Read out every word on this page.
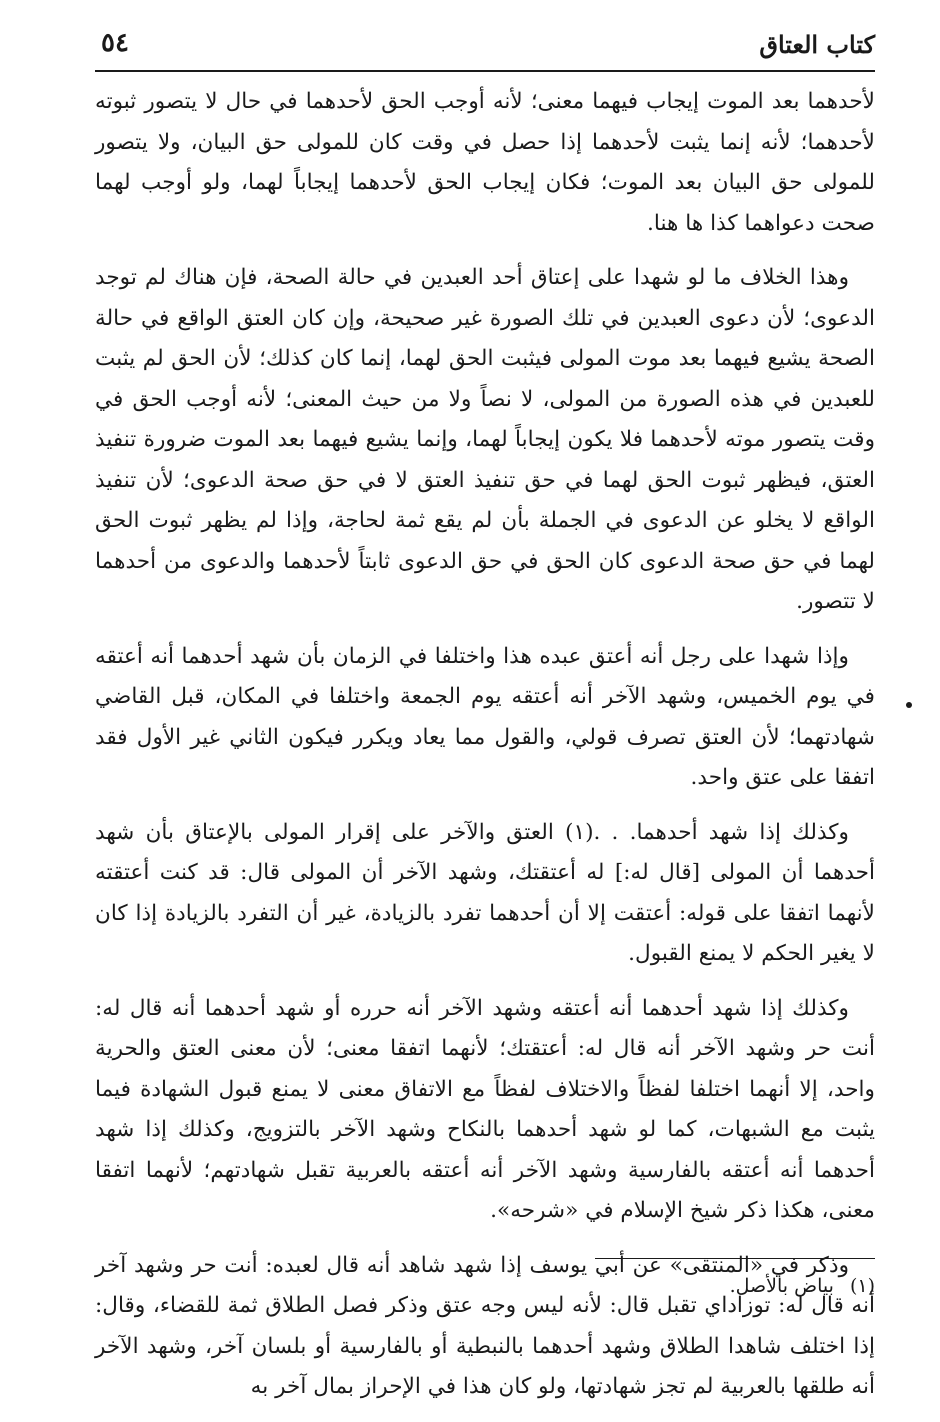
كتاب العتاق
٥٤

لأحدهما بعد الموت إيجاب فيهما معنى؛ لأنه أوجب الحق لأحدهما في حال لا يتصور ثبوته لأحدهما؛ لأنه إنما يثبت لأحدهما إذا حصل في وقت كان للمولى حق البيان، ولا يتصور للمولى حق البيان بعد الموت؛ فكان إيجاب الحق لأحدهما إيجاباً لهما، ولو أوجب لهما صحت دعواهما كذا ها هنا.

وهذا الخلاف ما لو شهدا على إعتاق أحد العبدين في حالة الصحة، فإن هناك لم توجد الدعوى؛ لأن دعوى العبدين في تلك الصورة غير صحيحة، وإن كان العتق الواقع في حالة الصحة يشيع فيهما بعد موت المولى فيثبت الحق لهما، إنما كان كذلك؛ لأن الحق لم يثبت للعبدين في هذه الصورة من المولى، لا نصاً ولا من حيث المعنى؛ لأنه أوجب الحق في وقت يتصور موته لأحدهما فلا يكون إيجاباً لهما، وإنما يشيع فيهما بعد الموت ضرورة تنفيذ العتق، فيظهر ثبوت الحق لهما في حق تنفيذ العتق لا في حق صحة الدعوى؛ لأن تنفيذ الواقع لا يخلو عن الدعوى في الجملة بأن لم يقع ثمة لحاجة، وإذا لم يظهر ثبوت الحق لهما في حق صحة الدعوى كان الحق في حق الدعوى ثابتاً لأحدهما والدعوى من أحدهما لا تتصور.

وإذا شهدا على رجل أنه أعتق عبده هذا واختلفا في الزمان بأن شهد أحدهما أنه أعتقه في يوم الخميس، وشهد الآخر أنه أعتقه يوم الجمعة واختلفا في المكان، قبل القاضي شهادتهما؛ لأن العتق تصرف قولي، والقول مما يعاد ويكرر فيكون الثاني غير الأول فقد اتفقا على عتق واحد.

وكذلك إذا شهد أحدهما. . .(١) العتق والآخر على إقرار المولى بالإعتاق بأن شهد أحدهما أن المولى [قال له:] له أعتقتك، وشهد الآخر أن المولى قال: قد كنت أعتقته لأنهما اتفقا على قوله: أعتقت إلا أن أحدهما تفرد بالزيادة، غير أن التفرد بالزيادة إذا كان لا يغير الحكم لا يمنع القبول.

وكذلك إذا شهد أحدهما أنه أعتقه وشهد الآخر أنه حرره أو شهد أحدهما أنه قال له: أنت حر وشهد الآخر أنه قال له: أعتقتك؛ لأنهما اتفقا معنى؛ لأن معنى العتق والحرية واحد، إلا أنهما اختلفا لفظاً والاختلاف لفظاً مع الاتفاق معنى لا يمنع قبول الشهادة فيما يثبت مع الشبهات، كما لو شهد أحدهما بالنكاح وشهد الآخر بالتزويج، وكذلك إذا شهد أحدهما أنه أعتقه بالفارسية وشهد الآخر أنه أعتقه بالعربية تقبل شهادتهم؛ لأنهما اتفقا معنى، هكذا ذكر شيخ الإسلام في «شرحه».

وذكر في «المنتقى» عن أبي يوسف إذا شهد شاهد أنه قال لعبده: أنت حر وشهد آخر أنه قال له: توزاداي تقبل قال: لأنه ليس وجه عتق وذكر فصل الطلاق ثمة للقضاء، وقال: إذا اختلف شاهدا الطلاق وشهد أحدهما بالنبطية أو بالفارسية أو بلسان آخر، وشهد الآخر أنه طلقها بالعربية لم تجز شهادتها، ولو كان هذا في الإحراز بمال آخر به

(١) بياض بالأصل.
